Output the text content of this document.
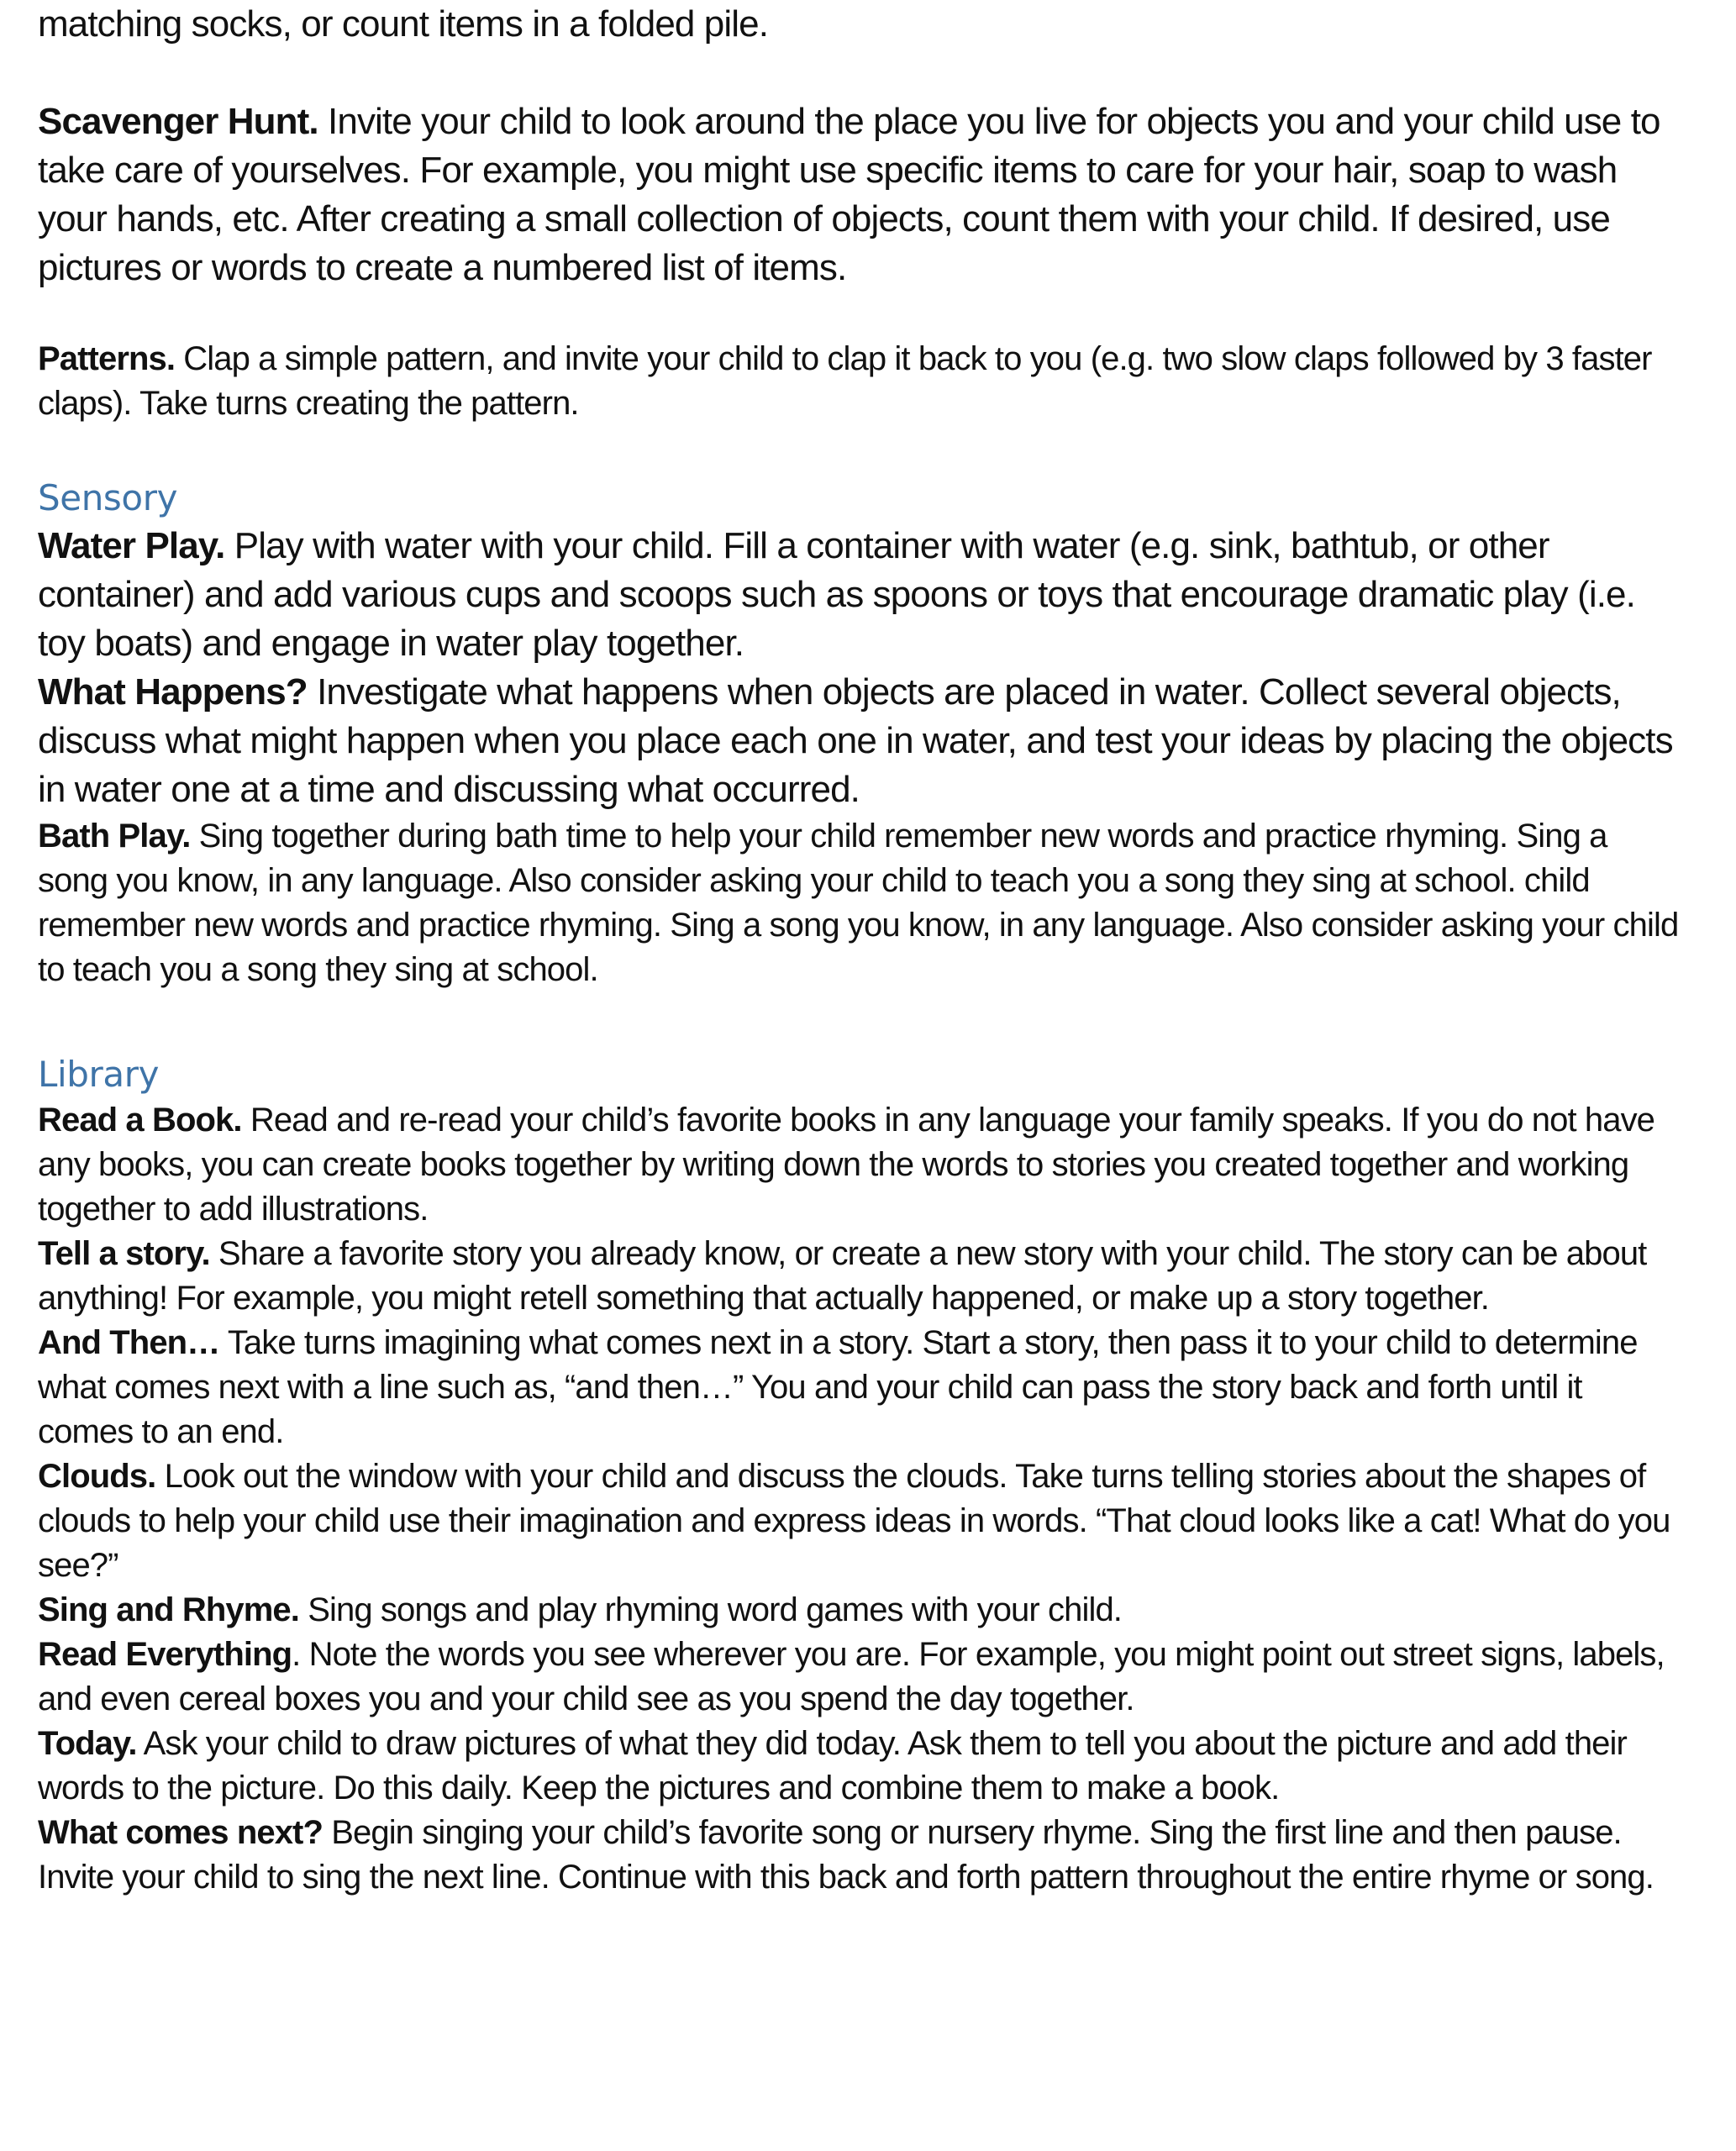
matching socks, or count items in a folded pile.

Scavenger Hunt. Invite your child to look around the place you live for objects you and your child use to take care of yourselves. For example, you might use specific items to care for your hair, soap to wash your hands, etc. After creating a small collection of objects, count them with your child. If desired, use pictures or words to create a numbered list of items.

Patterns. Clap a simple pattern, and invite your child to clap it back to you (e.g. two slow claps followed by 3 faster claps). Take turns creating the pattern.

Sensory

Water Play. Play with water with your child. Fill a container with water (e.g. sink, bathtub, or other container) and add various cups and scoops such as spoons or toys that encourage dramatic play (i.e. toy boats) and engage in water play together.

What Happens? Investigate what happens when objects are placed in water. Collect several objects, discuss what might happen when you place each one in water, and test your ideas by placing the objects in water one at a time and discussing what occurred.

Bath Play. Sing together during bath time to help your child remember new words and practice rhyming. Sing a song you know, in any language. Also consider asking your child to teach you a song they sing at school. child remember new words and practice rhyming. Sing a song you know, in any language. Also consider asking your child to teach you a song they sing at school.

Library

Read a Book. Read and re-read your child’s favorite books in any language your family speaks. If you do not have any books, you can create books together by writing down the words to stories you created together and working together to add illustrations.

Tell a story. Share a favorite story you already know, or create a new story with your child. The story can be about anything! For example, you might retell something that actually happened, or make up a story together.

And Then… Take turns imagining what comes next in a story. Start a story, then pass it to your child to determine what comes next with a line such as, “and then…” You and your child can pass the story back and forth until it comes to an end.

Clouds. Look out the window with your child and discuss the clouds. Take turns telling stories about the shapes of clouds to help your child use their imagination and express ideas in words. “That cloud looks like a cat! What do you see?”

Sing and Rhyme. Sing songs and play rhyming word games with your child.

Read Everything. Note the words you see wherever you are. For example, you might point out street signs, labels, and even cereal boxes you and your child see as you spend the day together.

Today. Ask your child to draw pictures of what they did today. Ask them to tell you about the picture and add their words to the picture. Do this daily. Keep the pictures and combine them to make a book.

What comes next? Begin singing your child’s favorite song or nursery rhyme. Sing the first line and then pause. Invite your child to sing the next line. Continue with this back and forth pattern throughout the entire rhyme or song.
